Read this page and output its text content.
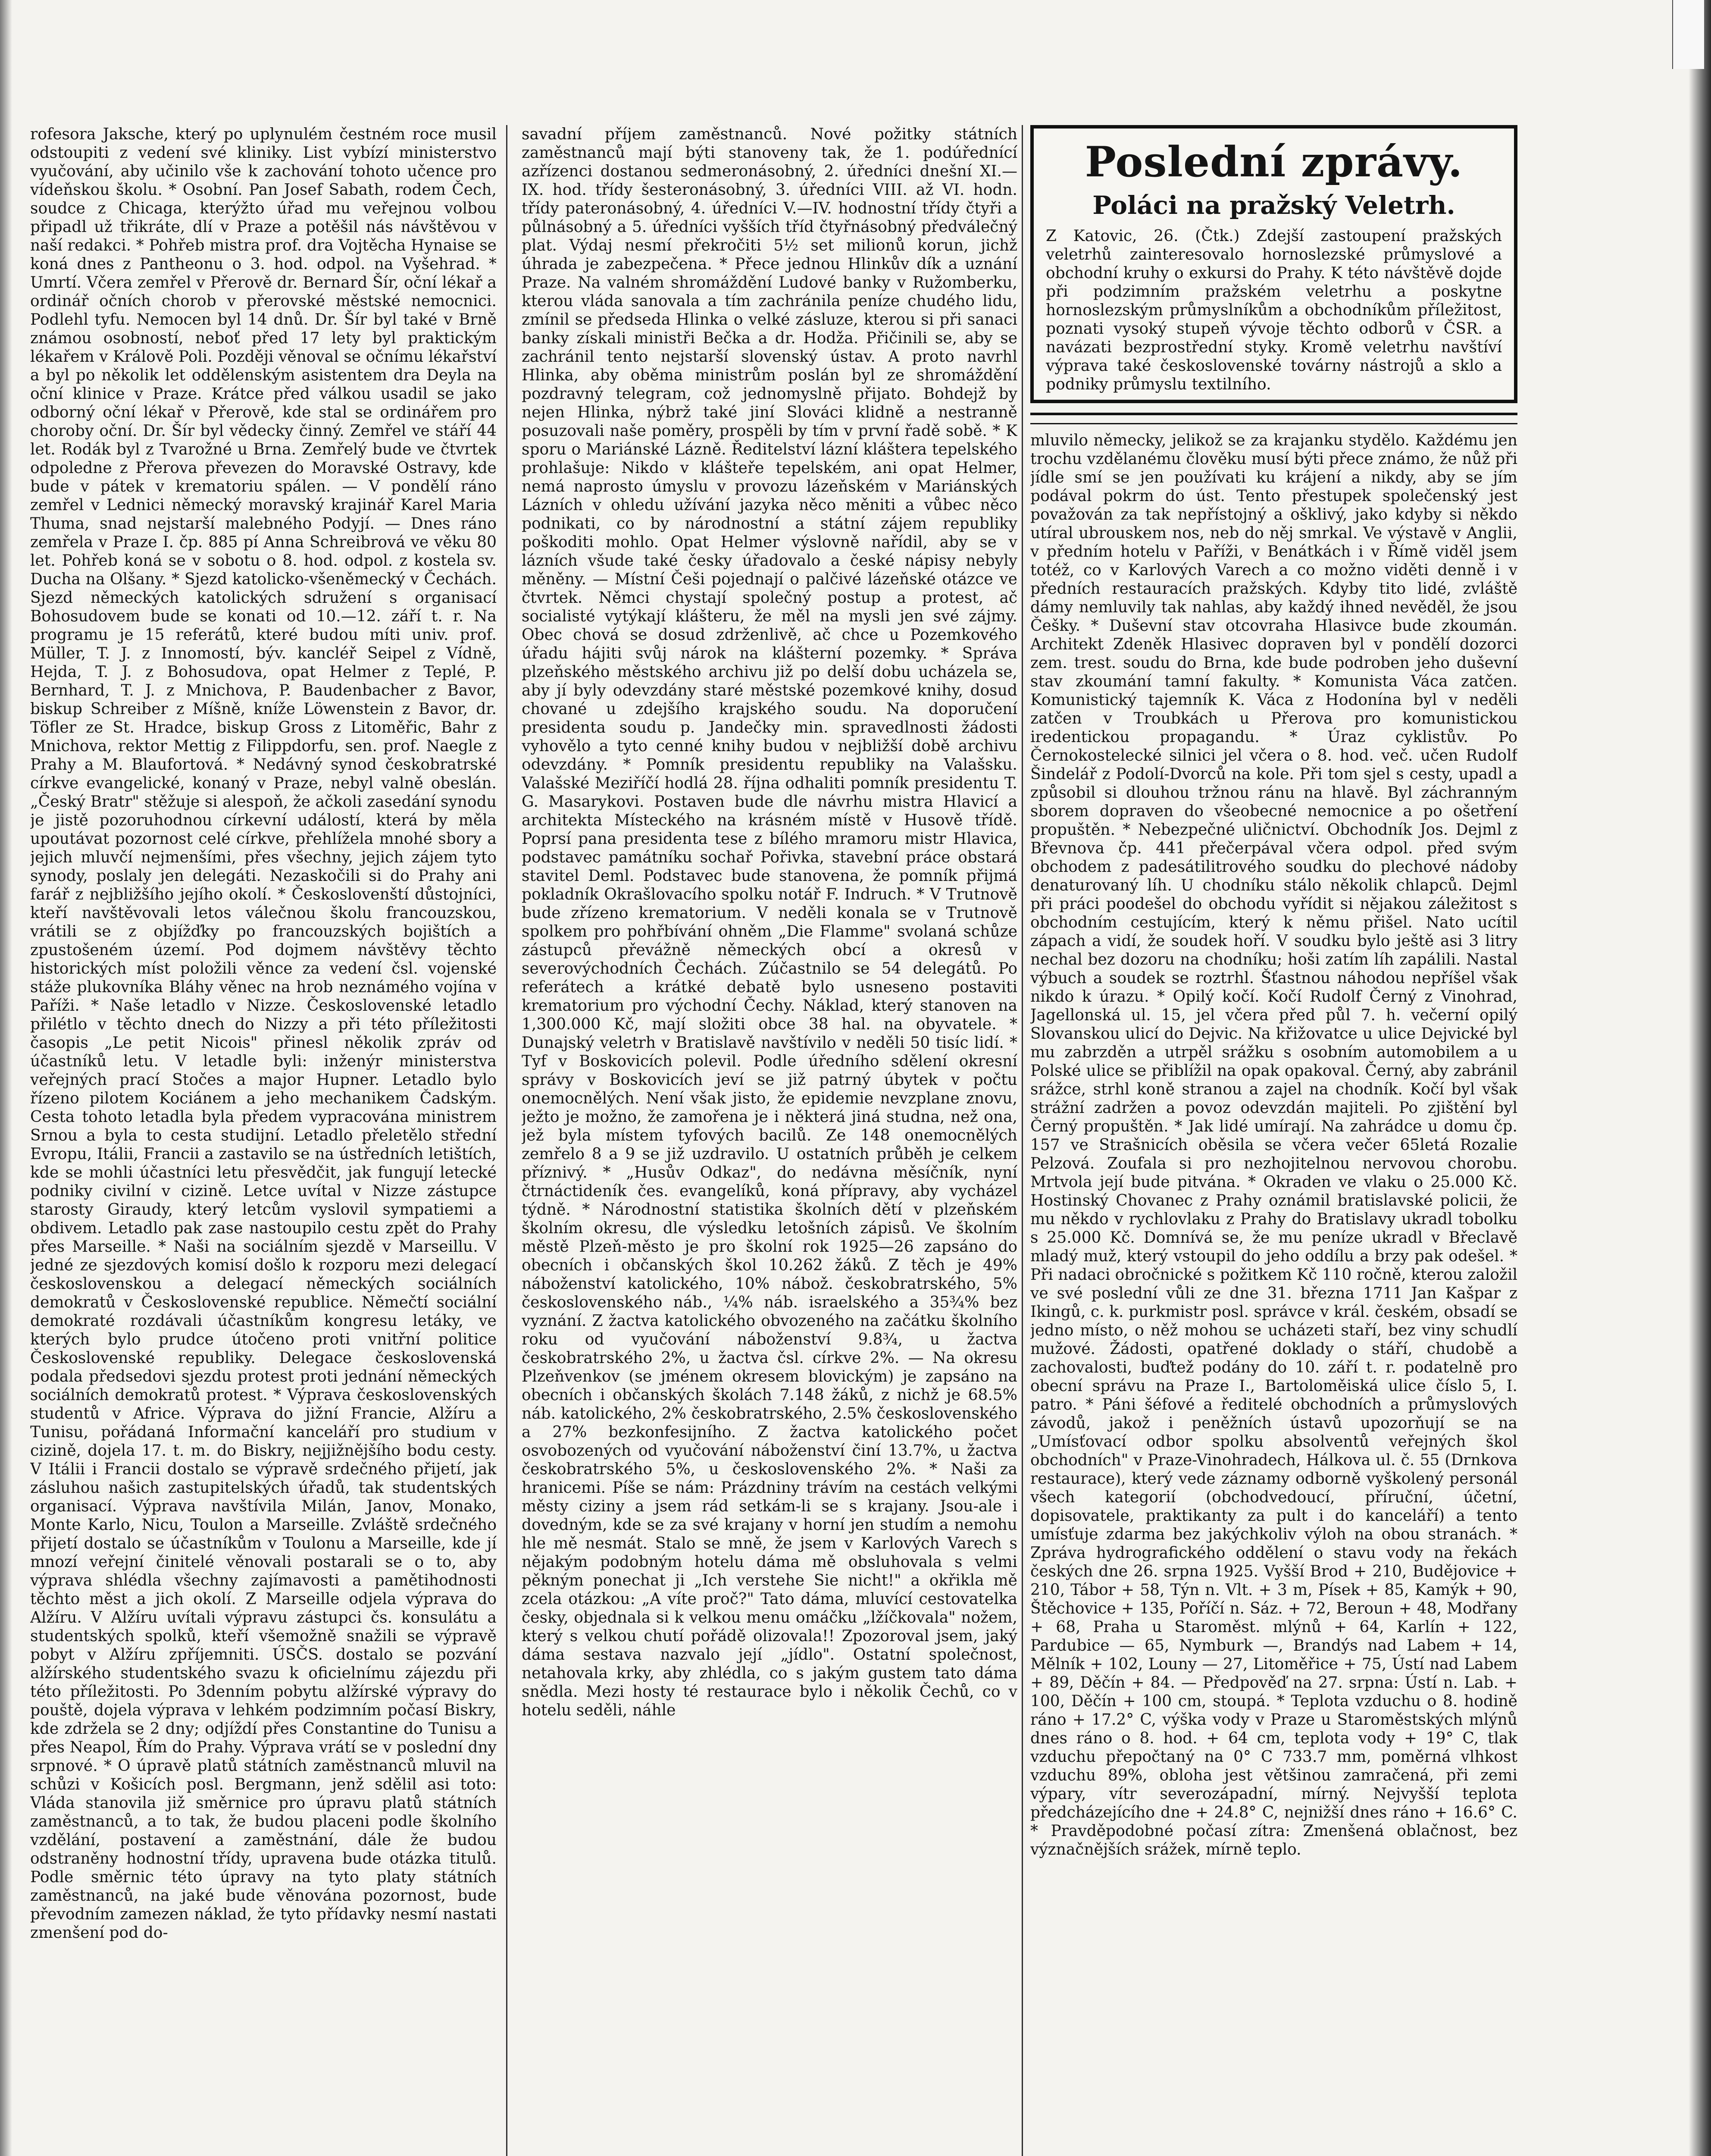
rofesora Jaksche, který po uplynulém čestném roce musil odstoupiti z vedení své kliniky. List vybízí ministerstvo vyučování, aby učinilo vše k zachování tohoto učence pro vídeňskou školu. * Osobní. Pan Josef Sabath, rodem Čech, soudce z Chicaga, kterýžto úřad mu veřejnou volbou připadl už třikráte, dlí v Praze a potěšil nás návštěvou v naší redakci. * Pohřeb mistra prof. dra Vojtěcha Hynaise se koná dnes z Pantheonu o 3. hod. odpol. na Vyšehrad. * Umrtí. Včera zemřel v Přerově dr. Bernard Šír, oční lékař a ordinář očních chorob v přerovské městské nemocnici. Podlehl tyfu. Nemocen byl 14 dnů. Dr. Šír byl také v Brně známou osobností, neboť před 17 lety byl praktickým lékařem v Králově Poli. Později věnoval se očnímu lékařství a byl po několik let oddělenským asistentem dra Deyla na oční klinice v Praze. Krátce před válkou usadil se jako odborný oční lékař v Přerově, kde stal se ordinářem pro choroby oční. Dr. Šír byl vědecky činný. Zemřel ve stáří 44 let. Rodák byl z Tvarožné u Brna. Zemřelý bude ve čtvrtek odpoledne z Přerova převezen do Moravské Ostravy, kde bude v pátek v krematoriu spálen. — V pondělí ráno zemřel v Lednici německý moravský krajinář Karel Maria Thuma, snad nejstarší malebného Podyjí. — Dnes ráno zemřela v Praze I. čp. 885 pí Anna Schreibrová ve věku 80 let. Pohřeb koná se v sobotu o 8. hod. odpol. z kostela sv. Ducha na Olšany. * Sjezd katolicko-všeněmecký v Čechách. Sjezd německých katolických sdružení s organisací Bohosudovem bude se konati od 10.—12. září t. r. Na programu je 15 referátů, které budou míti univ. prof. Müller, T. J. z Innomostí, býv. kancléř Seipel z Vídně, Hejda, T. J. z Bohosudova, opat Helmer z Teplé, P. Bernhard, T. J. z Mnichova, P. Baudenbacher z Bavor, biskup Schreiber z Míšně, kníže Löwenstein z Bavor, dr. Töfler ze St. Hradce, biskup Gross z Litoměřic, Bahr z Mnichova, rektor Mettig z Filippdorfu, sen. prof. Naegle z Prahy a M. Blaufortová. * Nedávný synod českobratrské církve evangelické, konaný v Praze, nebyl valně obeslán. „Český Bratr" stěžuje si alespoň, že ačkoli zasedání synodu je jistě pozoruhodnou církevní událostí, která by měla upoutávat pozornost celé církve, přehlížela mnohé sbory a jejich mluvčí nejmenšími, přes všechny, jejich zájem tyto synody, poslaly jen delegáti. Nezaskočili si do Prahy ani farář z nejbližšího jejího okolí. * Českoslovenští důstojníci, kteří navštěvovali letos válečnou školu francouzskou, vrátili se z objížďky po francouzských bojištích a zpustošeném území. Pod dojmem návštěvy těchto historických míst položili věnce za vedení čsl. vojenské stáže plukovníka Bláhy věnec na hrob neznámého vojína v Paříži. * Naše letadlo v Nizze. Československé letadlo přilétlo v těchto dnech do Nizzy a při této příležitosti časopis „Le petit Nicois" přinesl několik zpráv od účastníků letu. V letadle byli: inženýr ministerstva veřejných prací Stočes a major Hupner. Letadlo bylo řízeno pilotem Kociánem a jeho mechanikem Čadským. Cesta tohoto letadla byla předem vypracována ministrem Srnou a byla to cesta studijní. Letadlo přeletělo střední Evropu, Itálii, Francii a zastavilo se na ústředních letištích, kde se mohli účastníci letu přesvědčit, jak fungují letecké podniky civilní v cizině. Letce uvítal v Nizze zástupce starosty Giraudy, který letcům vyslovil sympatiemi a obdivem. Letadlo pak zase nastoupilo cestu zpět do Prahy přes Marseille. * Naši na sociálním sjezdě v Marseillu. V jedné ze sjezdových komisí došlo k rozporu mezi delegací československou a delegací německých sociálních demokratů v Československé republice. Němečtí sociální demokraté rozdávali účastníkům kongresu letáky, ve kterých bylo prudce útočeno proti vnitřní politice Československé republiky. Delegace československá podala předsedovi sjezdu protest proti jednání německých sociálních demokratů protest. * Výprava československých studentů v Africe. Výprava do jižní Francie, Alžíru a Tunisu, pořádaná Informační kanceláří pro studium v cizině, dojela 17. t. m. do Biskry, nejjižnějšího bodu cesty. V Itálii i Francii dostalo se výpravě srdečného přijetí, jak zásluhou našich zastupitelských úřadů, tak studentských organisací. Výprava navštívila Milán, Janov, Monako, Monte Karlo, Nicu, Toulon a Marseille. Zvláště srdečného přijetí dostalo se účastníkům v Toulonu a Marseille, kde jí mnozí veřejní činitelé věnovali postarali se o to, aby výprava shlédla všechny zajímavosti a pamětihodnosti těchto měst a jich okolí. Z Marseille odjela výprava do Alžíru. V Alžíru uvítali výpravu zástupci čs. konsulátu a studentských spolků, kteří všemožně snažili se výpravě pobyt v Alžíru zpříjemniti. ÚSČS. dostalo se pozvání alžírského studentského svazu k oficielnímu zájezdu při této příležitosti. Po 3denním pobytu alžírské výpravy do pouště, dojela výprava v lehkém podzimním počasí Biskry, kde zdržela se 2 dny; odjíždí přes Constantine do Tunisu a přes Neapol, Řím do Prahy. Výprava vrátí se v poslední dny srpnové. * O úpravě platů státních zaměstnanců mluvil na schůzi v Košicích posl. Bergmann, jenž sdělil asi toto: Vláda stanovila již směrnice pro úpravu platů státních zaměstnanců, a to tak, že budou placeni podle školního vzdělání, postavení a zaměstnání, dále že budou odstraněny hodnostní třídy, upravena bude otázka titulů. Podle směrnic této úpravy na tyto platy státních zaměstnanců, na jaké bude věnována pozornost, bude převodním zamezen náklad, že tyto přídavky nesmí nastati zmenšení pod do-
savadní příjem zaměstnanců. Nové požitky státních zaměstnanců mají býti stanoveny tak, že 1. podúřednící azřízenci dostanou sedmeronásobný, 2. úředníci dnešní XI.—IX. hod. třídy šesteronásobný, 3. úředníci VIII. až VI. hodn. třídy pateronásobný, 4. úředníci V.—IV. hodnostní třídy čtyři a půlnásobný a 5. úředníci vyšších tříd čtyřnásobný předválečný plat. Výdaj nesmí překročiti 5½ set milionů korun, jichž úhrada je zabezpečena. * Přece jednou Hlinkův dík a uznání Praze. Na valném shromáždění Ludové banky v Ružomberku, kterou vláda sanovala a tím zachránila peníze chudého lidu, zmínil se předseda Hlinka o velké zásluze, kterou si při sanaci banky získali ministři Bečka a dr. Hodža. Přičinili se, aby se zachránil tento nejstarší slovenský ústav. A proto navrhl Hlinka, aby oběma ministrům poslán byl ze shromáždění pozdravný telegram, což jednomyslně přijato. Bohdejž by nejen Hlinka, nýbrž také jiní Slováci klidně a nestranně posuzovali naše poměry, prospěli by tím v první řadě sobě. * K sporu o Mariánské Lázně. Ředitelství lázní kláštera tepelského prohlašuje: Nikdo v klášteře tepelském, ani opat Helmer, nemá naprosto úmyslu v provozu lázeňském v Mariánských Lázních v ohledu užívání jazyka něco měniti a vůbec něco podnikati, co by národnostní a státní zájem republiky poškoditi mohlo. Opat Helmer výslovně nařídil, aby se v lázních všude také česky úřadovalo a české nápisy nebyly měněny. — Místní Češi pojednají o palčivé lázeňské otázce ve čtvrtek. Němci chystají společný postup a protest, ač socialisté vytýkají klášteru, že měl na mysli jen své zájmy. Obec chová se dosud zdrženlivě, ač chce u Pozemkového úřadu hájiti svůj nárok na klášterní pozemky. * Správa plzeňského městského archivu již po delší dobu ucházela se, aby jí byly odevzdány staré městské pozemkové knihy, dosud chované u zdejšího krajského soudu. Na doporučení presidenta soudu p. Jandečky min. spravedlnosti žádosti vyhovělo a tyto cenné knihy budou v nejbližší době archivu odevzdány. * Pomník presidentu republiky na Valašsku. Valašské Meziříčí hodlá 28. října odhaliti pomník presidentu T. G. Masarykovi. Postaven bude dle návrhu mistra Hlavicí a architekta Místeckého na krásném místě v Husově třídě. Poprsí pana presidenta tese z bílého mramoru mistr Hlavica, podstavec památníku sochař Pořivka, stavební práce obstará stavitel Deml. Podstavec bude stanovena, že pomník přijmá pokladník Okrašlovacího spolku notář F. Indruch. * V Trutnově bude zřízeno krematorium. V neděli konala se v Trutnově spolkem pro pohřbívání ohněm „Die Flamme" svolaná schůze zástupců převážně německých obcí a okresů v severovýchodních Čechách. Zúčastnilo se 54 delegátů. Po referátech a krátké debatě bylo usneseno postaviti krematorium pro východní Čechy. Náklad, který stanoven na 1,300.000 Kč, mají složiti obce 38 hal. na obyvatele. * Dunajský veletrh v Bratislavě navštívilo v neděli 50 tisíc lidí. * Tyf v Boskovicích polevil. Podle úředního sdělení okresní správy v Boskovicích jeví se již patrný úbytek v počtu onemocnělých. Není však jisto, že epidemie nevzplane znovu, ježto je možno, že zamořena je i některá jiná studna, než ona, jež byla místem tyfových bacilů. Ze 148 onemocnělých zemřelo 8 a 9 se již uzdravilo. U ostatních průběh je celkem příznivý. * „Husův Odkaz", do nedávna měsíčník, nyní čtrnáctideník čes. evangelíků, koná přípravy, aby vycházel týdně. * Národnostní statistika školních dětí v plzeňském školním okresu, dle výsledku letošních zápisů. Ve školním městě Plzeň-město je pro školní rok 1925—26 zapsáno do obecních i občanských škol 10.262 žáků. Z těch je 49% náboženství katolického, 10% nábož. českobratrského, 5% československého náb., ¼% náb. israelského a 35¾% bez vyznání. Z žactva katolického obvozeného na začátku školního roku od vyučování náboženství 9.8¾, u žactva českobratrského 2%, u žactva čsl. církve 2%. — Na okresu Plzeňvenkov (se jménem okresem blovickým) je zapsáno na obecních i občanských školách 7.148 žáků, z nichž je 68.5% náb. katolického, 2% českobratrského, 2.5% československého a 27% bezkonfesijního. Z žactva katolického počet osvobozených od vyučování náboženství činí 13.7%, u žactva českobratrského 5%, u československého 2%. * Naši za hranicemi. Píše se nám: Prázdniny trávím na cestách velkými městy ciziny a jsem rád setkám-li se s krajany. Jsou-ale i dovedným, kde se za své krajany v horní jen studím a nemohu hle mě nesmát. Stalo se mně, že jsem v Karlových Varech s nějakým podobným hotelu dáma mě obsluhovala s velmi pěkným ponechat ji „Ich verstehe Sie nicht!" a okřikla mě zcela otázkou: „A víte proč?" Tato dáma, mluvící cestovatelka česky, objednala si k velkou menu omáčku „lžíčkovala" nožem, který s velkou chutí pořádě olizovala!! Zpozoroval jsem, jaký dáma sestava nazvalo její „jídlo". Ostatní společnost, netahovala krky, aby zhlédla, co s jakým gustem tato dáma snědla. Mezi hosty té restaurace bylo i několik Čechů, co v hotelu seděli, náhle
Poslední zprávy.
Poláci na pražský Veletrh.
Z Katovic, 26. (Čtk.) Zdejší zastoupení pražských veletrhů zainteresovalo hornoslezské průmyslové a obchodní kruhy o exkursi do Prahy. K této návštěvě dojde při podzimním pražském veletrhu a poskytne hornoslezským průmyslníkům a obchodníkům příležitost, poznati vysoký stupeň vývoje těchto odborů v ČSR. a navázati bezprostřední styky. Kromě veletrhu navštíví výprava také československé továrny nástrojů a sklo a podniky průmyslu textilního.
mluvilo německy, jelikož se za krajanku stydělo. Každému jen trochu vzdělanému člověku musí býti přece známo, že nůž při jídle smí se jen používati ku krájení a nikdy, aby se jím podával pokrm do úst. Tento přestupek společenský jest považován za tak nepřístojný a ošklivý, jako kdyby si někdo utíral ubrouskem nos, neb do něj smrkal. Ve výstavě v Anglii, v předním hotelu v Paříži, v Benátkách i v Římě viděl jsem totéž, co v Karlových Varech a co možno viděti denně i v předních restauracích pražských. Kdyby tito lidé, zvláště dámy nemluvily tak nahlas, aby každý ihned nevěděl, že jsou Češky. * Duševní stav otcovraha Hlasivce bude zkoumán. Architekt Zdeněk Hlasivec dopraven byl v pondělí dozorci zem. trest. soudu do Brna, kde bude podroben jeho duševní stav zkoumání tamní fakulty. * Komunista Váca zatčen. Komunistický tajemník K. Váca z Hodonína byl v neděli zatčen v Troubkách u Přerova pro komunistickou iredentickou propagandu. * Úraz cyklistův. Po Černokostelecké silnici jel včera o 8. hod. več. učen Rudolf Šindelář z Podolí-Dvorců na kole. Při tom sjel s cesty, upadl a způsobil si dlouhou tržnou ránu na hlavě. Byl záchranným sborem dopraven do všeobecné nemocnice a po ošetření propuštěn. * Nebezpečné uličnictví. Obchodník Jos. Dejml z Břevnova čp. 441 přečerpával včera odpol. před svým obchodem z padesátilitrového soudku do plechové nádoby denaturovaný líh. U chodníku stálo několik chlapců. Dejml při práci poodešel do obchodu vyřídit si nějakou záležitost s obchodním cestujícím, který k němu přišel. Nato ucítil zápach a vidí, že soudek hoří. V soudku bylo ještě asi 3 litry nechal bez dozoru na chodníku; hoši zatím líh zapálili. Nastal výbuch a soudek se roztrhl. Šťastnou náhodou nepříšel však nikdo k úrazu. * Opilý kočí. Kočí Rudolf Černý z Vinohrad, Jagellonská ul. 15, jel včera před půl 7. h. večerní opilý Slovanskou ulicí do Dejvic. Na křižovatce u ulice Dejvické byl mu zabrzděn a utrpěl srážku s osobním automobilem a u Polské ulice se přiblížil na opak opakoval. Černý, aby zabránil srážce, strhl koně stranou a zajel na chodník. Kočí byl však strážní zadržen a povoz odevzdán majiteli. Po zjištění byl Černý propuštěn. * Jak lidé umírají. Na zahrádce u domu čp. 157 ve Strašnicích oběsila se včera večer 65letá Rozalie Pelzová. Zoufala si pro nezhojitelnou nervovou chorobu. Mrtvola její bude pitvána. * Okraden ve vlaku o 25.000 Kč. Hostinský Chovanec z Prahy oznámil bratislavské policii, že mu někdo v rychlovlaku z Prahy do Bratislavy ukradl tobolku s 25.000 Kč. Domnívá se, že mu peníze ukradl v Břeclavě mladý muž, který vstoupil do jeho oddílu a brzy pak odešel. * Při nadaci obročnické s požitkem Kč 110 ročně, kterou založil ve své poslední vůli ze dne 31. března 1711 Jan Kašpar z Ikingů, c. k. purkmistr posl. správce v král. českém, obsadí se jedno místo, o něž mohou se ucházeti staří, bez viny schudlí mužové. Žádosti, opatřené doklady o stáří, chudobě a zachovalosti, buďtež podány do 10. září t. r. podatelně pro obecní správu na Praze I., Bartoloměiská ulice číslo 5, I. patro. * Páni šéfové a ředitelé obchodních a průmyslových závodů, jakož i peněžních ústavů upozorňují se na „Umísťovací odbor spolku absolventů veřejných škol obchodních" v Praze-Vinohradech, Hálkova ul. č. 55 (Drnkova restaurace), který vede záznamy odborně vyškolený personál všech kategorií (obchodvedoucí, příruční, účetní, dopisovatele, praktikanty za pult i do kanceláří) a tento umísťuje zdarma bez jakýchkoliv výloh na obou stranách. * Zpráva hydrografického oddělení o stavu vody na řekách českých dne 26. srpna 1925. Vyšší Brod + 210, Budějovice + 210, Tábor + 58, Týn n. Vlt. + 3 m, Písek + 85, Kamýk + 90, Štěchovice + 135, Poříčí n. Sáz. + 72, Beroun + 48, Modřany + 68, Praha u Staroměst. mlýnů + 64, Karlín + 122, Pardubice — 65, Nymburk —, Brandýs nad Labem + 14, Mělník + 102, Louny — 27, Litoměřice + 75, Ústí nad Labem + 89, Děčín + 84. — Předpověď na 27. srpna: Ústí n. Lab. + 100, Děčín + 100 cm, stoupá. * Teplota vzduchu o 8. hodině ráno + 17.2° C, výška vody v Praze u Staroměstských mlýnů dnes ráno o 8. hod. + 64 cm, teplota vody + 19° C, tlak vzduchu přepočtaný na 0° C 733.7 mm, poměrná vlhkost vzduchu 89%, obloha jest většinou zamračená, při zemi výpary, vítr severozápadní, mírný. Nejvyšší teplota předcházejícího dne + 24.8° C, nejnižší dnes ráno + 16.6° C. * Pravděpodobné počasí zítra: Zmenšená oblačnost, bez význačnějších srážek, mírně teplo.
